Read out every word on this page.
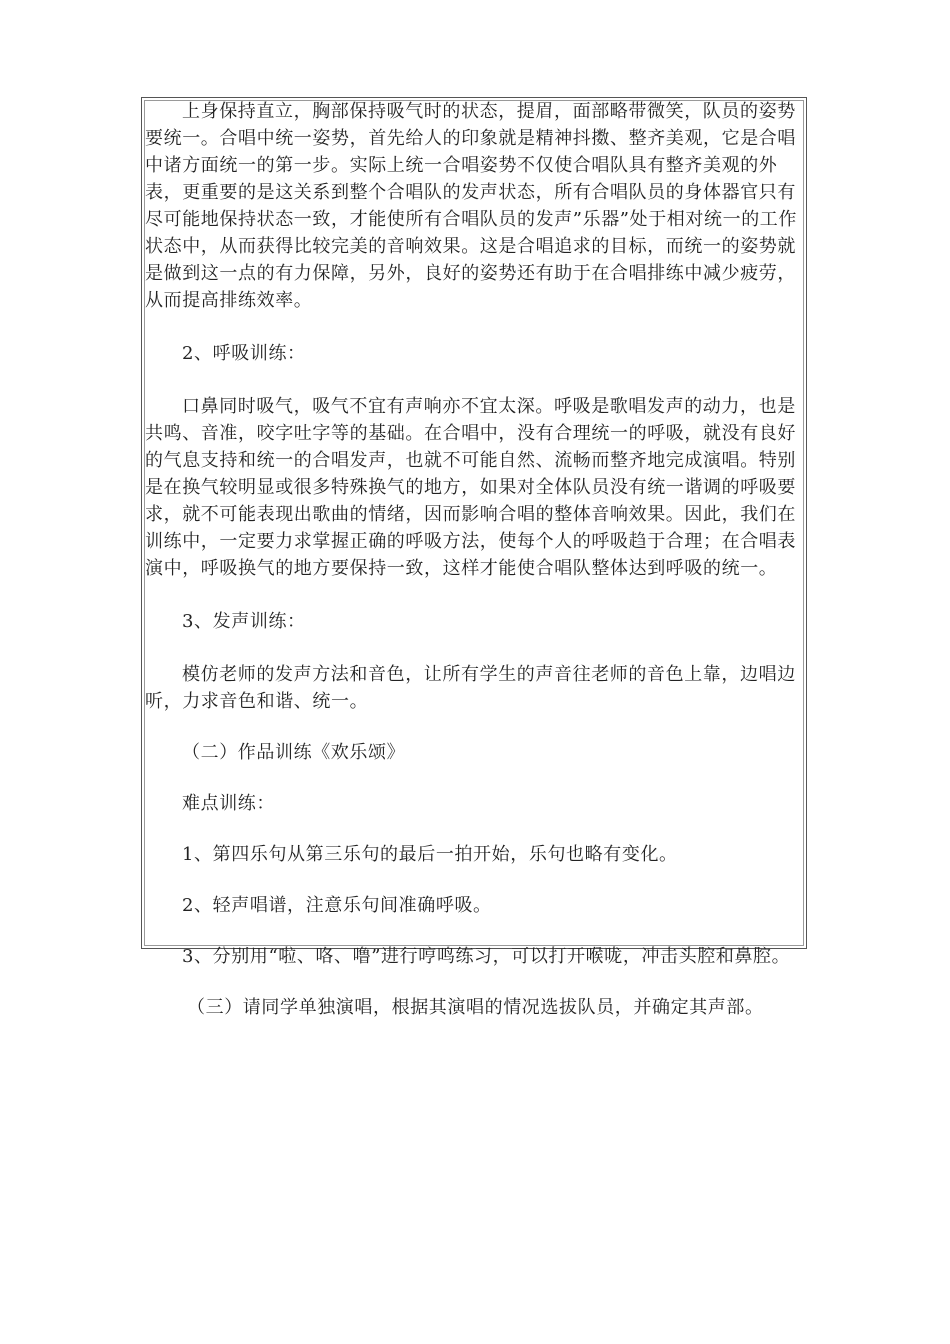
上身保持直立，胸部保持吸气时的状态，提眉，面部略带微笑，队员的姿势要统一。合唱中统一姿势，首先给人的印象就是精神抖擞、整齐美观，它是合唱中诸方面统一的第一步。实际上统一合唱姿势不仅使合唱队具有整齐美观的外表，更重要的是这关系到整个合唱队的发声状态，所有合唱队员的身体器官只有尽可能地保持状态一致，才能使所有合唱队员的发声”乐器”处于相对统一的工作状态中，从而获得比较完美的音响效果。这是合唱追求的目标，而统一的姿势就是做到这一点的有力保障，另外，良好的姿势还有助于在合唱排练中减少疲劳，从而提高排练效率。

2、呼吸训练：

口鼻同时吸气，吸气不宜有声响亦不宜太深。呼吸是歌唱发声的动力，也是共鸣、音准，咬字吐字等的基础。在合唱中，没有合理统一的呼吸，就没有良好的气息支持和统一的合唱发声，也就不可能自然、流畅而整齐地完成演唱。特别是在换气较明显或很多特殊换气的地方，如果对全体队员没有统一谐调的呼吸要求，就不可能表现出歌曲的情绪，因而影响合唱的整体音响效果。因此，我们在训练中，一定要力求掌握正确的呼吸方法，使每个人的呼吸趋于合理；在合唱表演中，呼吸换气的地方要保持一致，这样才能使合唱队整体达到呼吸的统一。

3、发声训练：

模仿老师的发声方法和音色，让所有学生的声音往老师的音色上靠，边唱边听，力求音色和谐、统一。

（二）作品训练《欢乐颂》

难点训练：

1、第四乐句从第三乐句的最后一拍开始，乐句也略有变化。

2、轻声唱谱，注意乐句间准确呼吸。

3、分别用“啦、咯、噜”进行哼鸣练习，可以打开喉咙，冲击头腔和鼻腔。

（三）请同学单独演唱，根据其演唱的情况选拔队员，并确定其声部。
